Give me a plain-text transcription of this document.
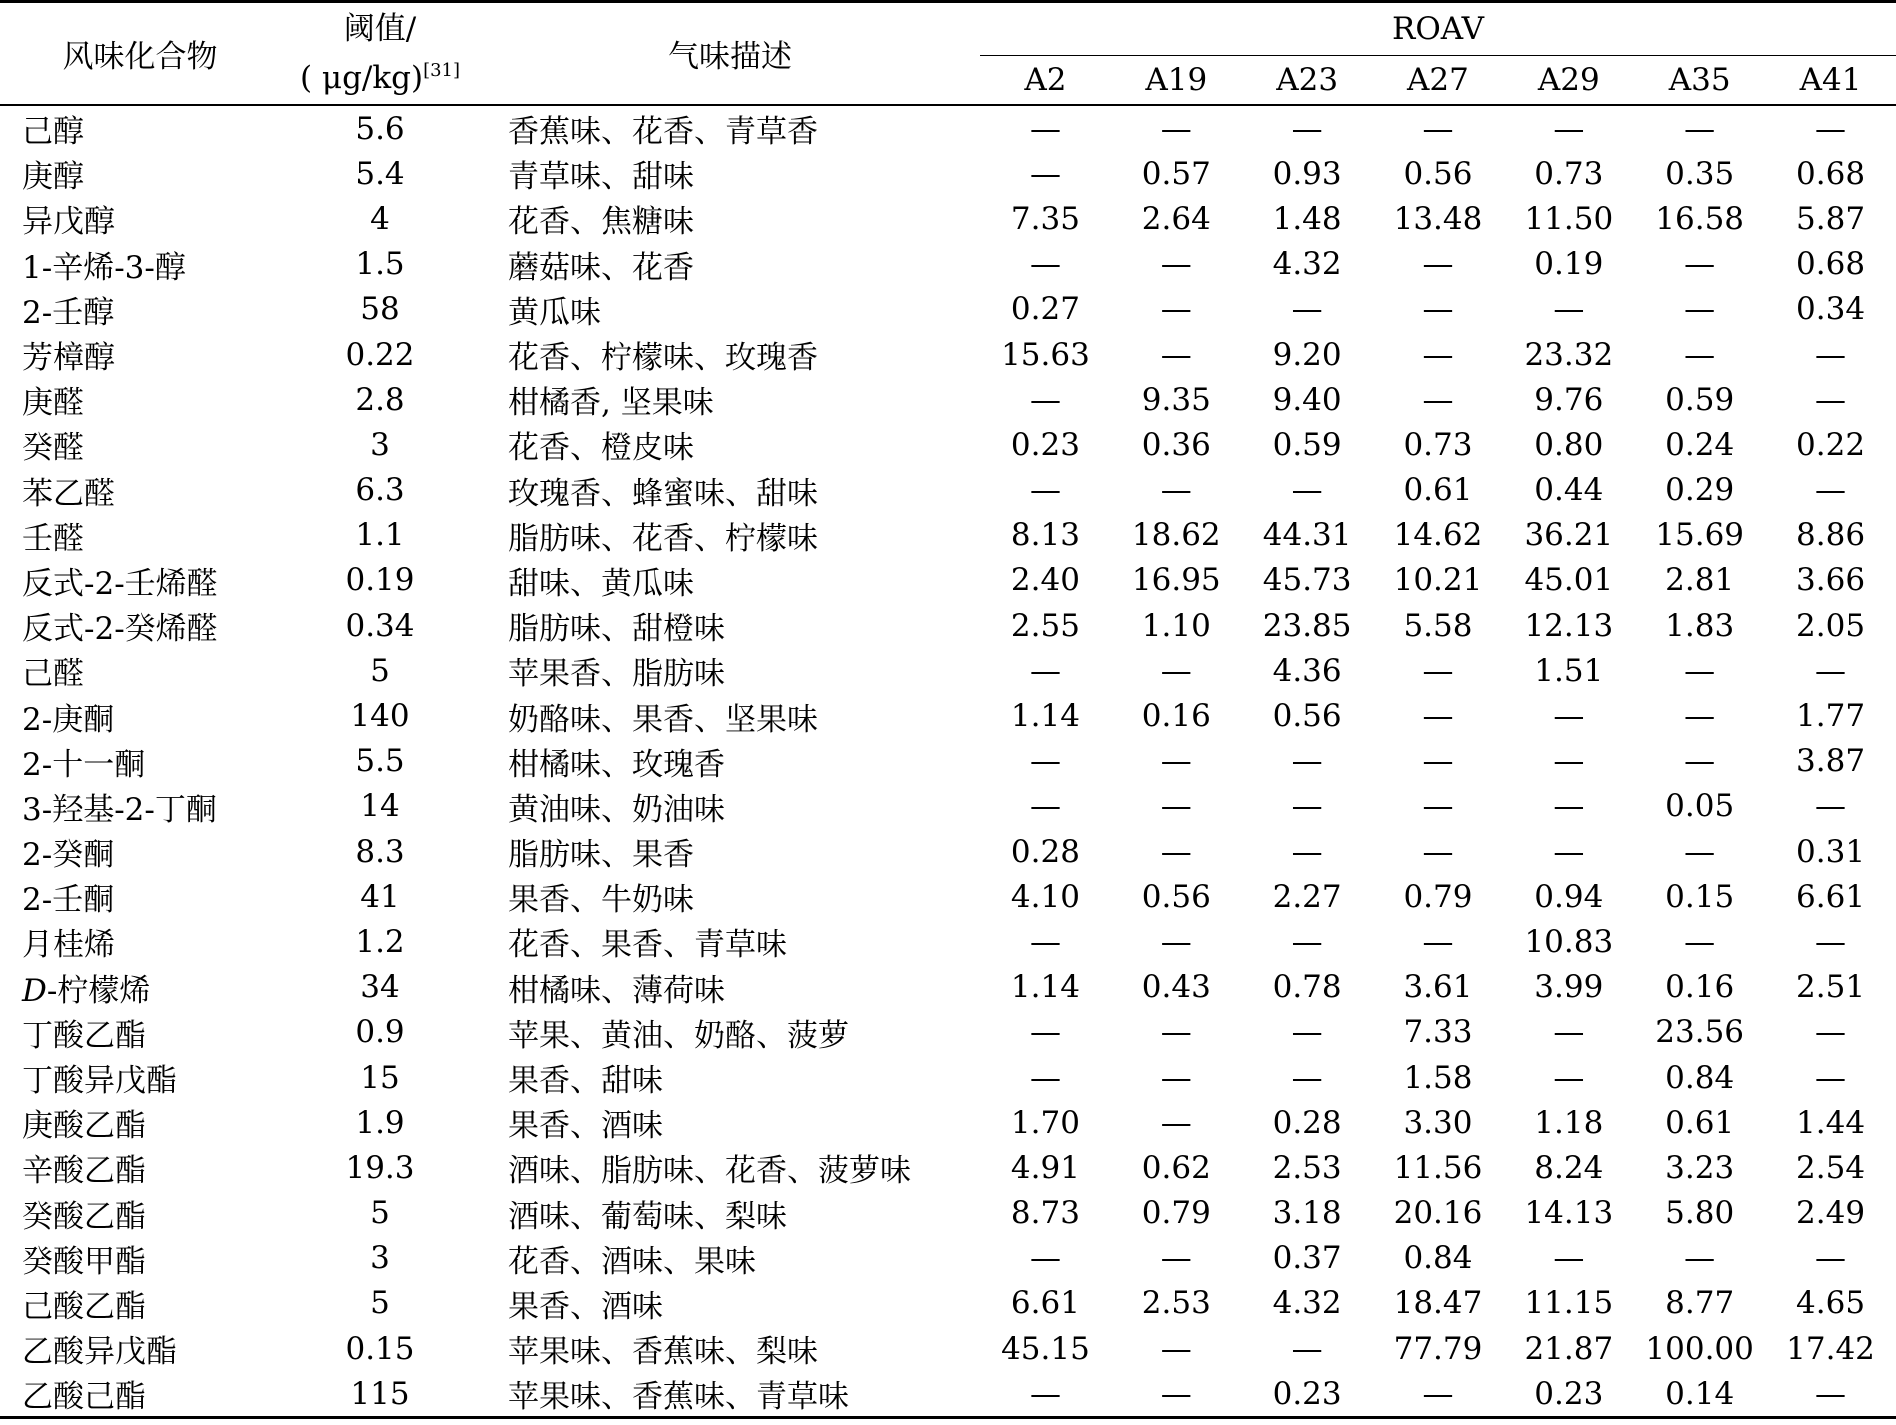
风味化合物	阈值/
( μg/kg)[31]	气味描述	ROAV						
			A2	A19	A23	A27	A29	A35	A41
己醇	5.6	香蕉味、花香、青草香	—	—	—	—	—	—	—
庚醇	5.4	青草味、甜味	—	0.57	0.93	0.56	0.73	0.35	0.68
异戊醇	4	花香、焦糖味	7.35	2.64	1.48	13.48	11.50	16.58	5.87
1-辛烯-3-醇	1.5	蘑菇味、花香	—	—	4.32	—	0.19	—	0.68
2-壬醇	58	黄瓜味	0.27	—	—	—	—	—	0.34
芳樟醇	0.22	花香、柠檬味、玫瑰香	15.63	—	9.20	—	23.32	—	—
庚醛	2.8	柑橘香, 坚果味	—	9.35	9.40	—	9.76	0.59	—
癸醛	3	花香、橙皮味	0.23	0.36	0.59	0.73	0.80	0.24	0.22
苯乙醛	6.3	玫瑰香、蜂蜜味、甜味	—	—	—	0.61	0.44	0.29	—
壬醛	1.1	脂肪味、花香、柠檬味	8.13	18.62	44.31	14.62	36.21	15.69	8.86
反式-2-壬烯醛	0.19	甜味、黄瓜味	2.40	16.95	45.73	10.21	45.01	2.81	3.66
反式-2-癸烯醛	0.34	脂肪味、甜橙味	2.55	1.10	23.85	5.58	12.13	1.83	2.05
己醛	5	苹果香、脂肪味	—	—	4.36	—	1.51	—	—
2-庚酮	140	奶酪味、果香、坚果味	1.14	0.16	0.56	—	—	—	1.77
2-十一酮	5.5	柑橘味、玫瑰香	—	—	—	—	—	—	3.87
3-羟基-2-丁酮	14	黄油味、奶油味	—	—	—	—	—	0.05	—
2-癸酮	8.3	脂肪味、果香	0.28	—	—	—	—	—	0.31
2-壬酮	41	果香、牛奶味	4.10	0.56	2.27	0.79	0.94	0.15	6.61
月桂烯	1.2	花香、果香、青草味	—	—	—	—	10.83	—	—
D-柠檬烯	34	柑橘味、薄荷味	1.14	0.43	0.78	3.61	3.99	0.16	2.51
丁酸乙酯	0.9	苹果、黄油、奶酪、菠萝	—	—	—	7.33	—	23.56	—
丁酸异戊酯	15	果香、甜味	—	—	—	1.58	—	0.84	—
庚酸乙酯	1.9	果香、酒味	1.70	—	0.28	3.30	1.18	0.61	1.44
辛酸乙酯	19.3	酒味、脂肪味、花香、菠萝味	4.91	0.62	2.53	11.56	8.24	3.23	2.54
癸酸乙酯	5	酒味、葡萄味、梨味	8.73	0.79	3.18	20.16	14.13	5.80	2.49
癸酸甲酯	3	花香、酒味、果味	—	—	0.37	0.84	—	—	—
己酸乙酯	5	果香、酒味	6.61	2.53	4.32	18.47	11.15	8.77	4.65
乙酸异戊酯	0.15	苹果味、香蕉味、梨味	45.15	—	—	77.79	21.87	100.00	17.42
乙酸己酯	115	苹果味、香蕉味、青草味	—	—	0.23	—	0.23	0.14	—
